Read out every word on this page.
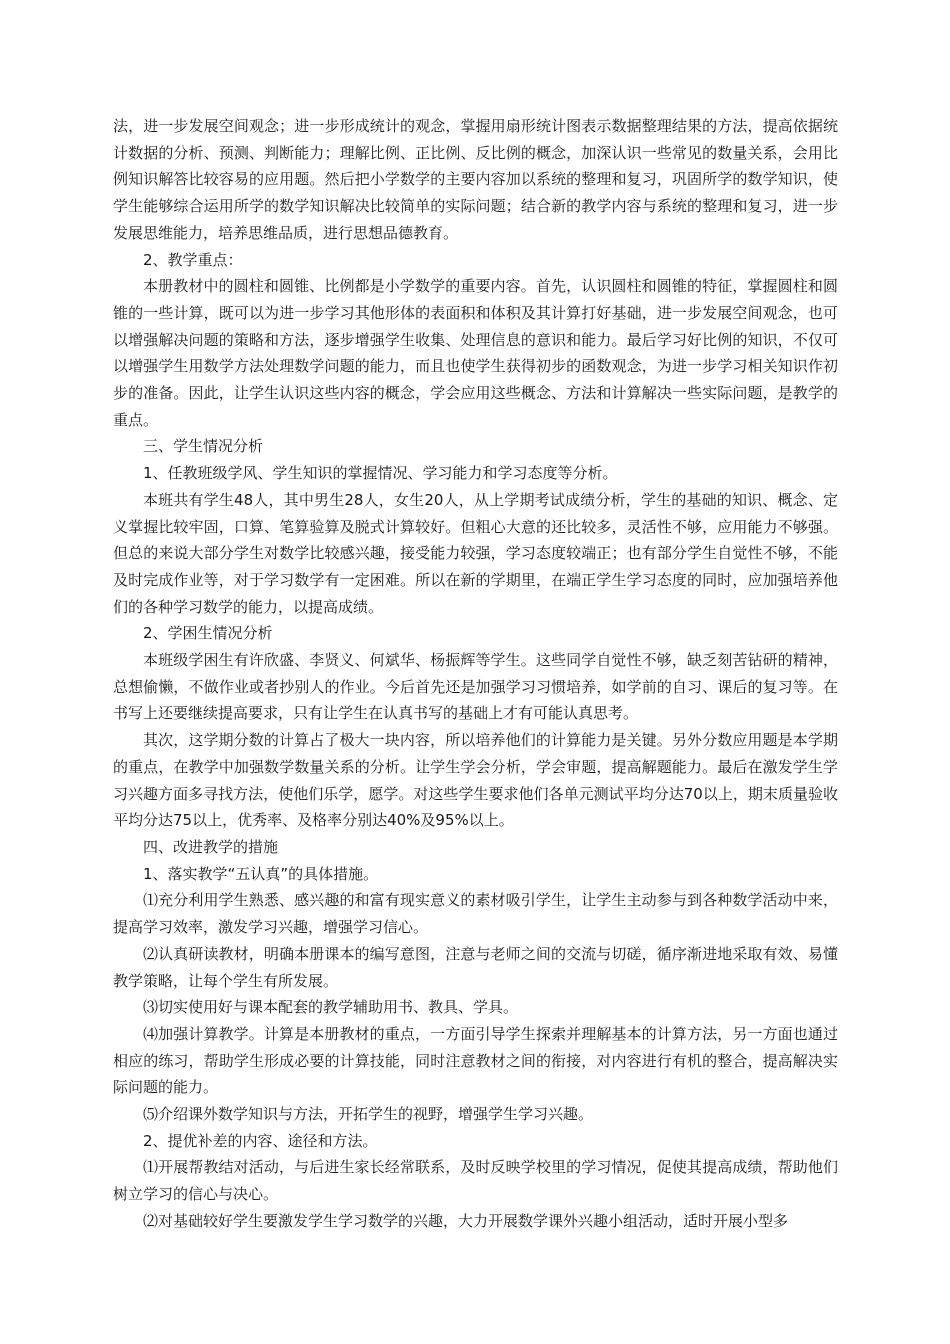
法，进一步发展空间观念；进一步形成统计的观念，掌握用扇形统计图表示数据整理结果的方法，提高依据统计数据的分析、预测、判断能力；理解比例、正比例、反比例的概念，加深认识一些常见的数量关系，会用比例知识解答比较容易的应用题。然后把小学数学的主要内容加以系统的整理和复习，巩固所学的数学知识，使学生能够综合运用所学的数学知识解决比较简单的实际问题；结合新的教学内容与系统的整理和复习，进一步发展思维能力，培养思维品质，进行思想品德教育。

2、教学重点：

本册教材中的圆柱和圆锥、比例都是小学数学的重要内容。首先，认识圆柱和圆锥的特征，掌握圆柱和圆锥的一些计算，既可以为进一步学习其他形体的表面积和体积及其计算打好基础，进一步发展空间观念，也可以增强解决问题的策略和方法，逐步增强学生收集、处理信息的意识和能力。最后学习好比例的知识，不仅可以增强学生用数学方法处理数学问题的能力，而且也使学生获得初步的函数观念，为进一步学习相关知识作初步的准备。因此，让学生认识这些内容的概念，学会应用这些概念、方法和计算解决一些实际问题，是教学的重点。

三、学生情况分析

1、任教班级学风、学生知识的掌握情况、学习能力和学习态度等分析。

本班共有学生48人，其中男生28人，女生20人，从上学期考试成绩分析，学生的基础的知识、概念、定义掌握比较牢固，口算、笔算验算及脱式计算较好。但粗心大意的还比较多，灵活性不够，应用能力不够强。但总的来说大部分学生对数学比较感兴趣，接受能力较强，学习态度较端正；也有部分学生自觉性不够，不能及时完成作业等，对于学习数学有一定困难。所以在新的学期里，在端正学生学习态度的同时，应加强培养他们的各种学习数学的能力，以提高成绩。

2、学困生情况分析

本班级学困生有许欣盛、李贤义、何斌华、杨振辉等学生。这些同学自觉性不够，缺乏刻苦钻研的精神，总想偷懒，不做作业或者抄别人的作业。今后首先还是加强学习习惯培养，如学前的自习、课后的复习等。在书写上还要继续提高要求，只有让学生在认真书写的基础上才有可能认真思考。

其次，这学期分数的计算占了极大一块内容，所以培养他们的计算能力是关键。另外分数应用题是本学期的重点，在教学中加强数学数量关系的分析。让学生学会分析，学会审题，提高解题能力。最后在激发学生学习兴趣方面多寻找方法，使他们乐学，愿学。对这些学生要求他们各单元测试平均分达70以上，期末质量验收平均分达75以上，优秀率、及格率分别达40%及95%以上。

四、改进教学的措施

1、落实教学“五认真”的具体措施。

⑴充分利用学生熟悉、感兴趣的和富有现实意义的素材吸引学生，让学生主动参与到各种数学活动中来，提高学习效率，激发学习兴趣，增强学习信心。

⑵认真研读教材，明确本册课本的编写意图，注意与老师之间的交流与切磋，循序渐进地采取有效、易懂教学策略，让每个学生有所发展。

⑶切实使用好与课本配套的教学辅助用书、教具、学具。

⑷加强计算教学。计算是本册教材的重点，一方面引导学生探索并理解基本的计算方法，另一方面也通过相应的练习，帮助学生形成必要的计算技能，同时注意教材之间的衔接，对内容进行有机的整合，提高解决实际问题的能力。

⑸介绍课外数学知识与方法，开拓学生的视野，增强学生学习兴趣。

2、提优补差的内容、途径和方法。

⑴开展帮教结对活动，与后进生家长经常联系，及时反映学校里的学习情况，促使其提高成绩，帮助他们树立学习的信心与决心。

⑵对基础较好学生要激发学生学习数学的兴趣，大力开展数学课外兴趣小组活动，适时开展小型多
